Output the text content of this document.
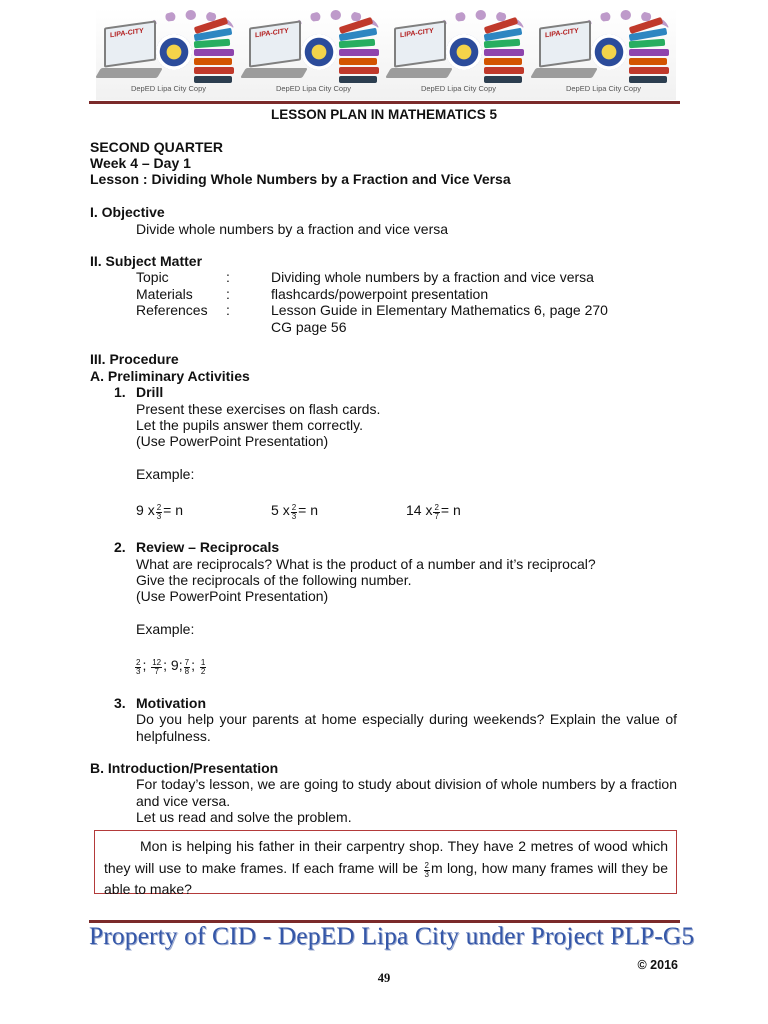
LIPA-CITY
DepED Lipa City Copy
LIPA-CITY
DepED Lipa City Copy
LIPA-CITY
DepED Lipa City Copy
LIPA-CITY
DepED Lipa City Copy
LESSON PLAN IN MATHEMATICS 5
SECOND QUARTER
Week 4 – Day 1
Lesson : Dividing Whole Numbers by a Fraction and Vice Versa
I. Objective
Divide whole numbers by a fraction and vice versa
II. Subject Matter
Topic	:	Dividing whole numbers by a fraction and vice versa
Materials :	flashcards/powerpoint presentation
References :	Lesson Guide in Elementary Mathematics 6, page 270
CG page 56
III. Procedure
A. Preliminary Activities
1. Drill
Present these exercises on flash cards.
Let the pupils answer them correctly.
(Use PowerPoint Presentation)
Example:
9 x $\frac{2}{3} = n$	5 x $\frac{2}{3} = n$	14 x $\frac{2}{7} = n$
2. Review – Reciprocals
What are reciprocals? What is the product of a number and it’s reciprocal?
Give the reciprocals of the following number.
(Use PowerPoint Presentation)
Example:
$\frac{2}{3}$ ; $\frac{12}{7}$ ; 9; $\frac{7}{8}$ ; $\frac{1}{2}$
3. Motivation
Do you help your parents at home especially during weekends? Explain the value of helpfulness.
B. Introduction/Presentation
For today’s lesson, we are going to study about division of whole numbers by a fraction and vice versa.
Let us read and solve the problem.
Mon is helping his father in their carpentry shop. They have 2 metres of wood which they will use to make frames. If each frame will be $\frac{2}{3}$ m long, how many frames will they be able to make?
Property of CID - DepED Lipa City under Project PLP-G5
© 2016
49
